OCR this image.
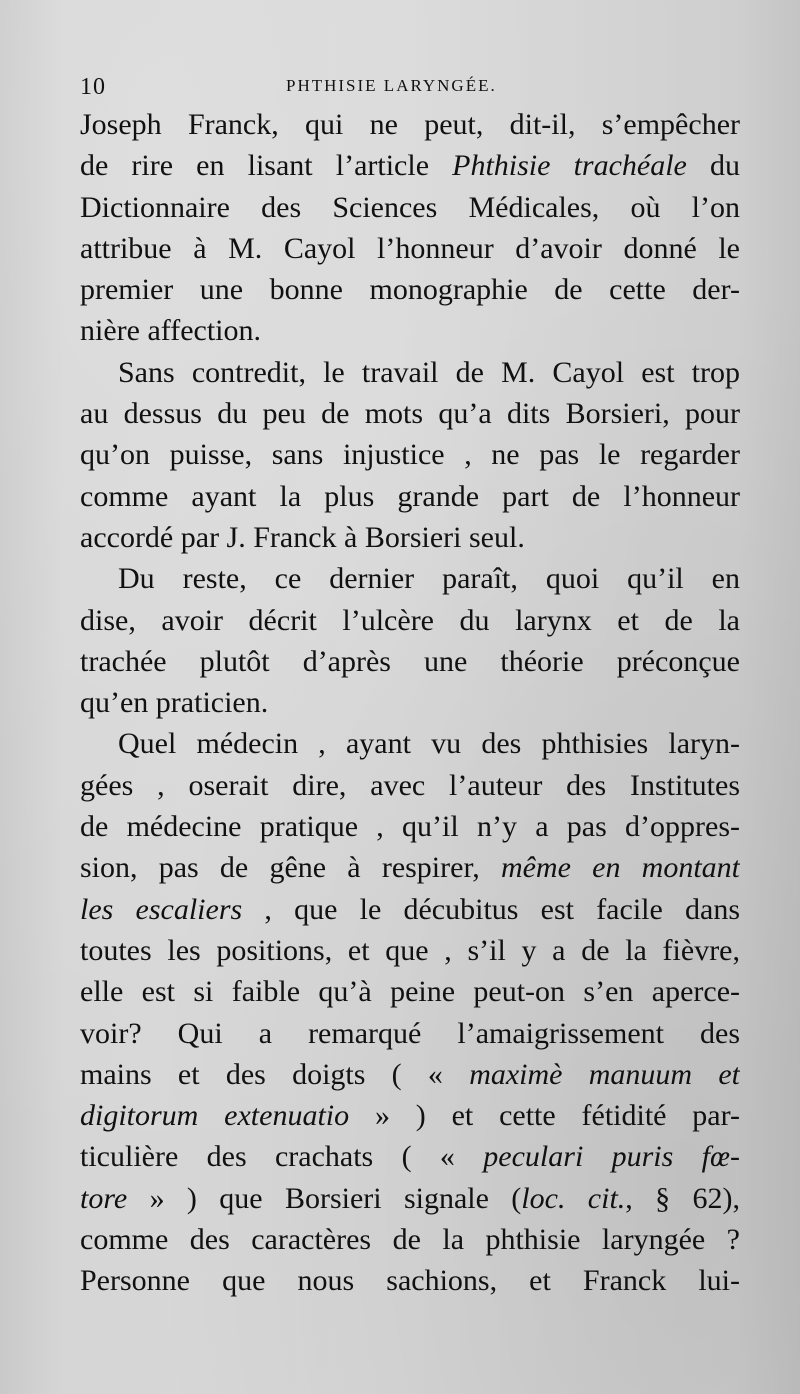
10	PHTHISIE LARYNGÉE.
Joseph Franck, qui ne peut, dit-il, s’empêcher
de rire en lisant l’article Phthisie trachéale du
Dictionnaire des Sciences Médicales, où l’on
attribue à M. Cayol l’honneur d’avoir donné le
premier une bonne monographie de cette der-
nière affection.
Sans contredit, le travail de M. Cayol est trop
au dessus du peu de mots qu’a dits Borsieri, pour
qu’on puisse, sans injustice , ne pas le regarder
comme ayant la plus grande part de l’honneur
accordé par J. Franck à Borsieri seul.
Du reste, ce dernier paraît, quoi qu’il en
dise, avoir décrit l’ulcère du larynx et de la
trachée plutôt d’après une théorie préconçue
qu’en praticien.
Quel médecin , ayant vu des phthisies laryn-
gées , oserait dire, avec l’auteur des Institutes
de médecine pratique , qu’il n’y a pas d’oppres-
sion, pas de gêne à respirer, même en montant
les escaliers , que le décubitus est facile dans
toutes les positions, et que , s’il y a de la fièvre,
elle est si faible qu’à peine peut-on s’en aperce-
voir? Qui a remarqué l’amaigrissement des
mains et des doigts ( « maximè manuum et
digitorum extenuatio » ) et cette fétidité par-
ticulière des crachats ( « peculari puris fœ-
tore » ) que Borsieri signale (loc. cit., § 62),
comme des caractères de la phthisie laryngée ?
Personne que nous sachions, et Franck lui-
